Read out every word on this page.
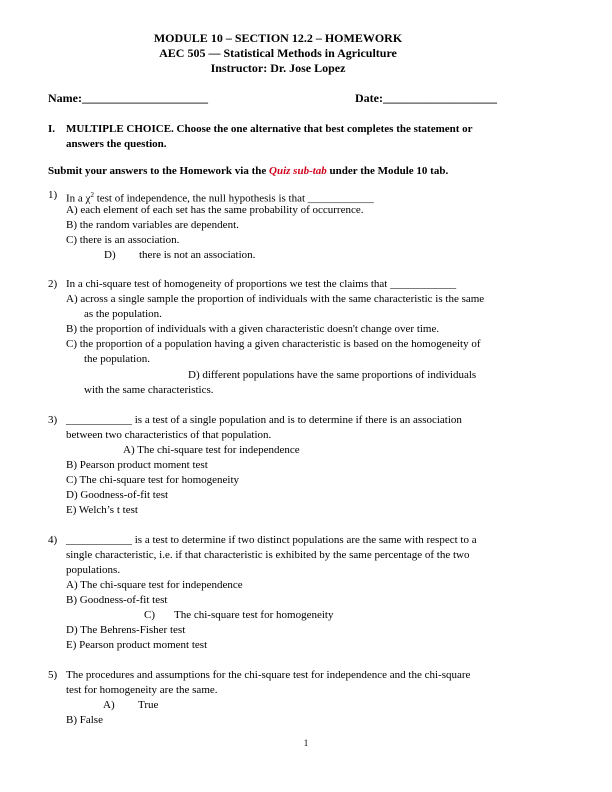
MODULE 10 – SECTION 12.2 – HOMEWORK
AEC 505 — Statistical Methods in Agriculture
Instructor: Dr. Jose Lopez
Name:_____________________	Date:___________________
I. MULTIPLE CHOICE. Choose the one alternative that best completes the statement or
answers the question.
Submit your answers to the Homework via the Quiz sub-tab under the Module 10 tab.
1) In a $\chi^2$ test of independence, the null hypothesis is that ____________
A) each element of each set has the same probability of occurrence.
B) the random variables are dependent.
C) there is an association.
D) there is not an association.
2) In a chi-square test of homogeneity of proportions we test the claims that ____________
A) across a single sample the proportion of individuals with the same characteristic is the same
as the population.
B) the proportion of individuals with a given characteristic doesn't change over time.
C) the proportion of a population having a given characteristic is based on the homogeneity of
the population.
D) different populations have the same proportions of individuals
with the same characteristics.
3) ____________ is a test of a single population and is to determine if there is an association
between two characteristics of that population.
A) The chi-square test for independence
B) Pearson product moment test
C) The chi-square test for homogeneity
D) Goodness-of-fit test
E) Welch’s t test
4) ____________ is a test to determine if two distinct populations are the same with respect to a
single characteristic, i.e. if that characteristic is exhibited by the same percentage of the two
populations.
A) The chi-square test for independence
B) Goodness-of-fit test
C) The chi-square test for homogeneity
D) The Behrens-Fisher test
E) Pearson product moment test
5) The procedures and assumptions for the chi-square test for independence and the chi-square
test for homogeneity are the same.
A) True
B) False
1
